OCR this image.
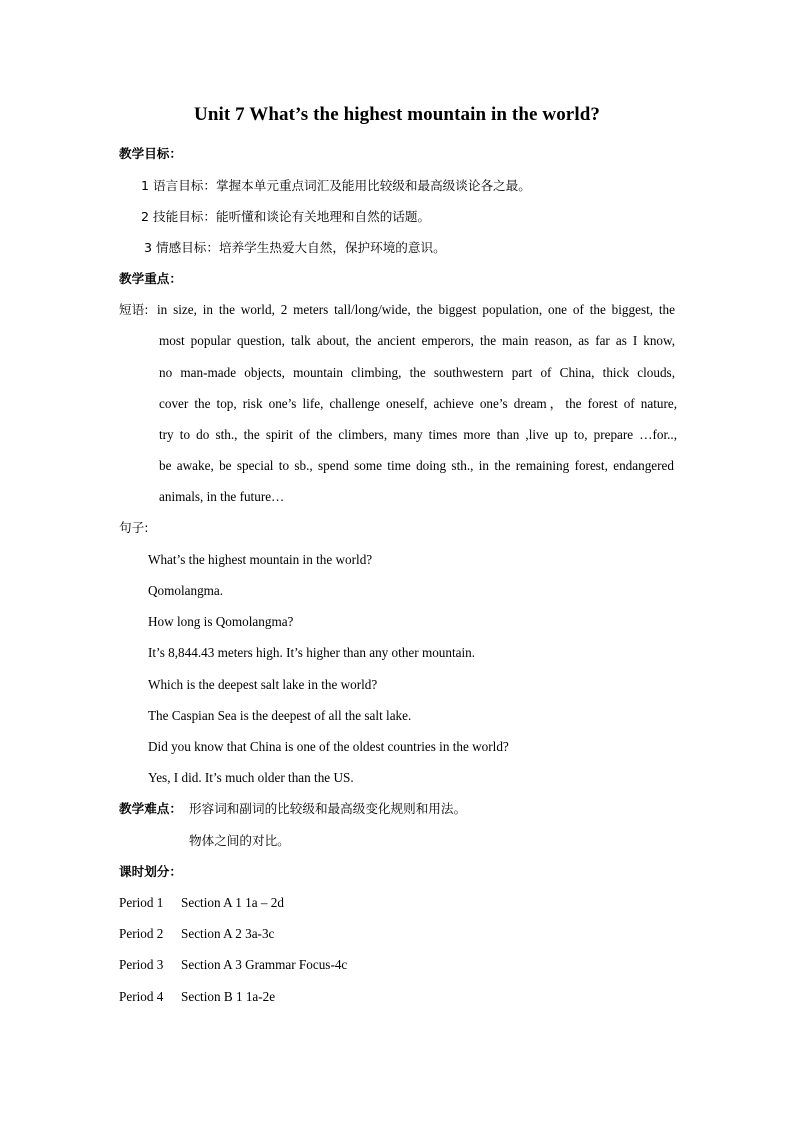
Unit 7 What’s the highest mountain in the world?
教学目标：
1 语言目标：掌握本单元重点词汇及能用比较级和最高级谈论各之最。
2 技能目标：能听懂和谈论有关地理和自然的话题。
3 情感目标：培养学生热爱大自然，保护环境的意识。
教学重点：
短语: in size, in the world, 2 meters tall/long/wide, the biggest population, one of the biggest, the
most popular question, talk about, the ancient emperors, the main reason, as far as I know,
no man-made objects, mountain climbing, the southwestern part of China, thick clouds,
cover the top, risk one’s life, challenge oneself, achieve one’s dream，the forest of nature,
try to do sth., the spirit of the climbers, many times more than ,live up to, prepare …for..,
be awake, be special to sb., spend some time doing sth., in the remaining forest, endangered
animals, in the future…
句子:
What’s the highest mountain in the world?
Qomolangma.
How long is Qomolangma?
It’s 8,844.43 meters high. It’s higher than any other mountain.
Which is the deepest salt lake in the world?
The Caspian Sea is the deepest of all the salt lake.
Did you know that China is one of the oldest countries in the world?
Yes, I did. It’s much older than the US.
教学难点： 形容词和副词的比较级和最高级变化规则和用法。
物体之间的对比。
课时划分：
Period 1 Section A 1 1a – 2d
Period 2 Section A 2 3a-3c
Period 3 Section A 3 Grammar Focus-4c
Period 4 Section B 1 1a-2e
